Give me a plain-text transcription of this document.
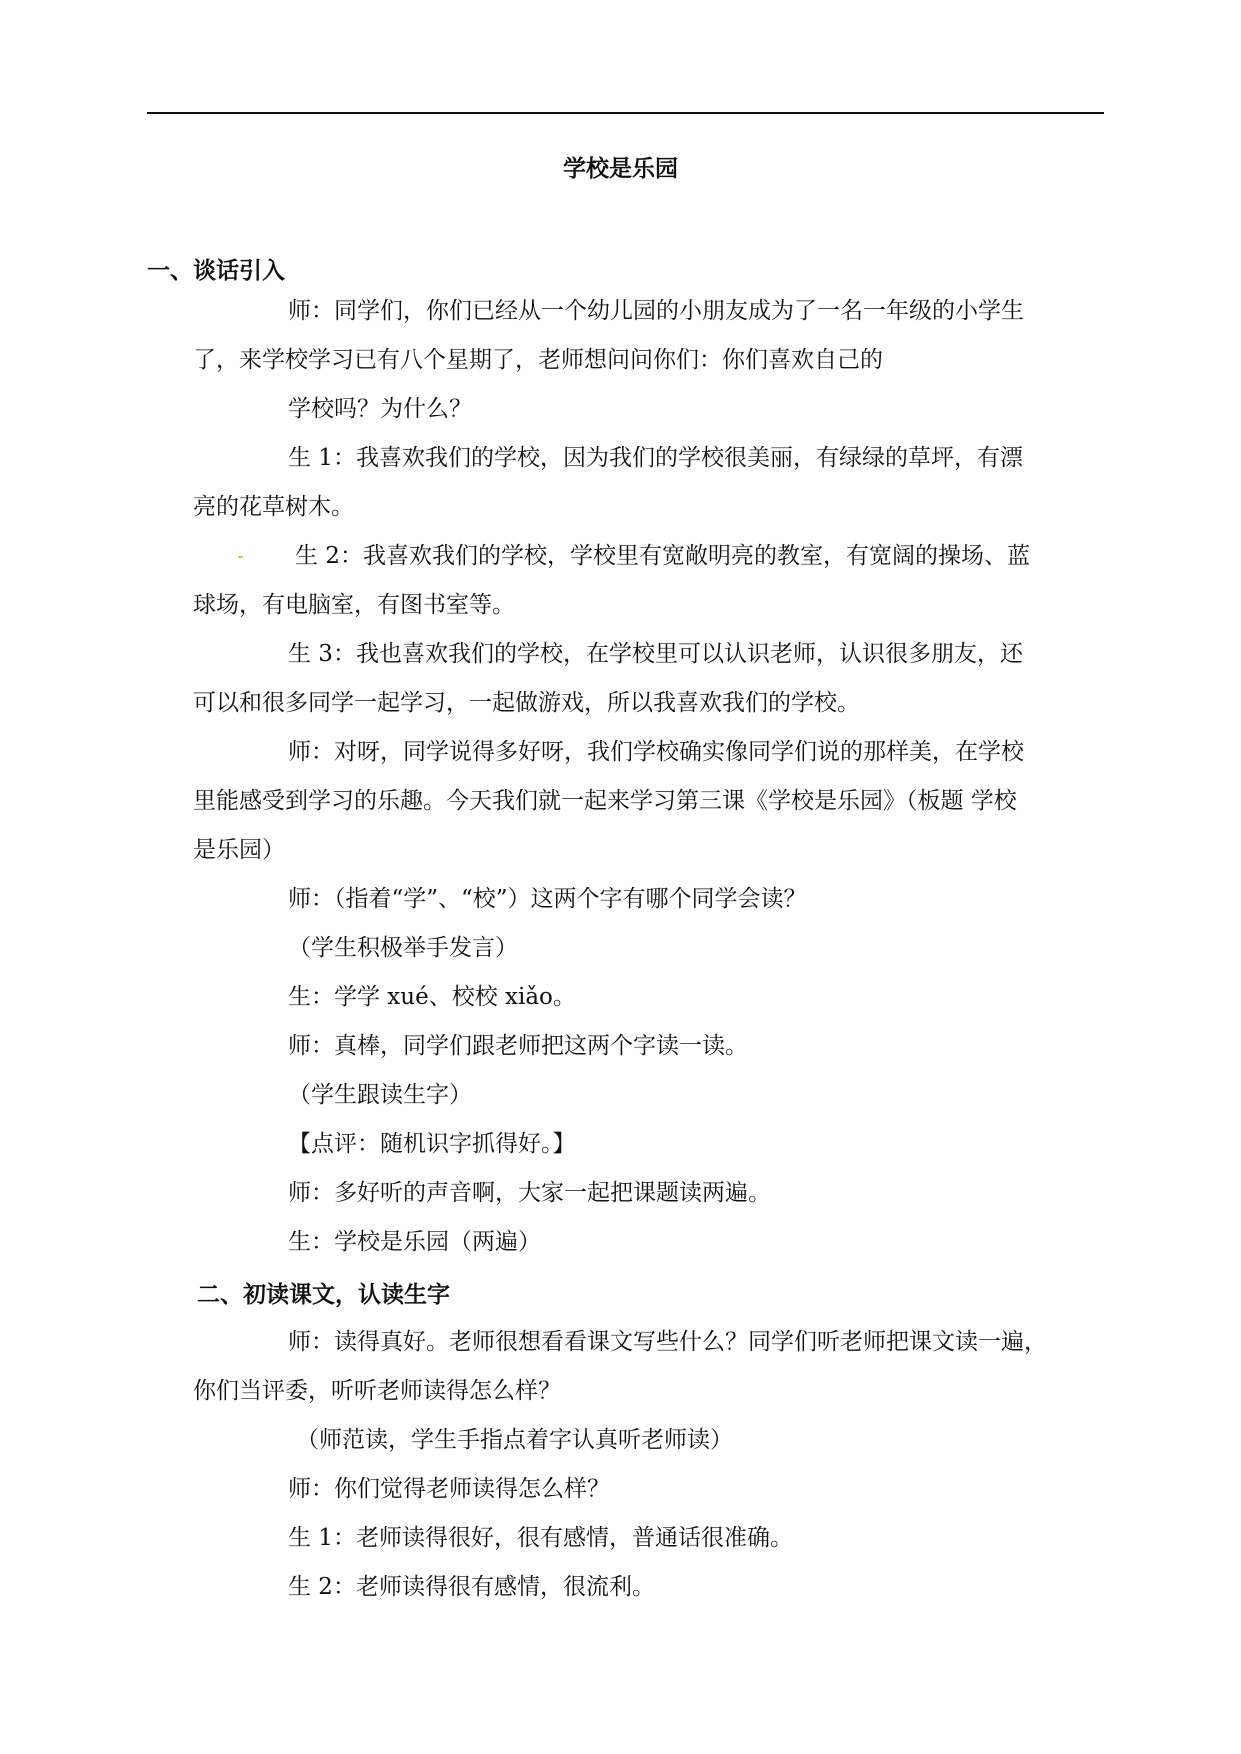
学校是乐园
一、谈话引入
师：同学们，你们已经从一个幼儿园的小朋友成为了一名一年级的小学生
了，来学校学习已有八个星期了，老师想问问你们：你们喜欢自己的
学校吗？为什么？
生 1：我喜欢我们的学校，因为我们的学校很美丽，有绿绿的草坪，有漂
亮的花草树木。
生 2：我喜欢我们的学校，学校里有宽敞明亮的教室，有宽阔的操场、蓝
球场，有电脑室，有图书室等。
生 3：我也喜欢我们的学校，在学校里可以认识老师，认识很多朋友，还
可以和很多同学一起学习，一起做游戏，所以我喜欢我们的学校。
师：对呀，同学说得多好呀，我们学校确实像同学们说的那样美，在学校
里能感受到学习的乐趣。今天我们就一起来学习第三课《学校是乐园》（板题 学校
是乐园）
师：（指着“学”、“校”）这两个字有哪个同学会读？
（学生积极举手发言）
生：学学 xué、校校 xiǎo。
师：真棒，同学们跟老师把这两个字读一读。
（学生跟读生字）
【点评：随机识字抓得好。】
师：多好听的声音啊，大家一起把课题读两遍。
生：学校是乐园（两遍）
二、初读课文，认读生字
师：读得真好。老师很想看看课文写些什么？同学们听老师把课文读一遍，
你们当评委，听听老师读得怎么样？
（师范读，学生手指点着字认真听老师读）
师：你们觉得老师读得怎么样？
生 1：老师读得很好，很有感情，普通话很准确。
生 2：老师读得很有感情，很流利。
